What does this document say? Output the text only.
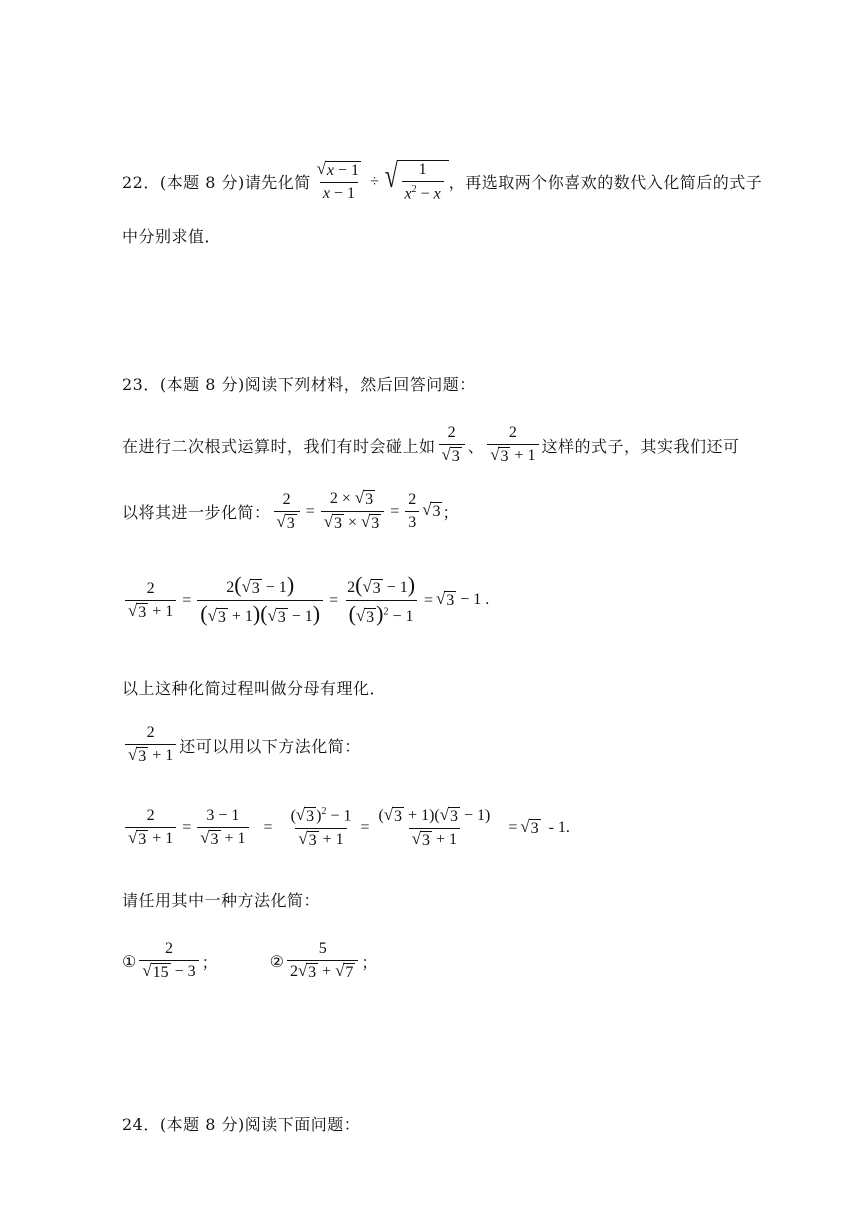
22．(本题 8 分)请先化简 $\frac{√ x - 1}{x - 1}$ ÷ √ $\frac{1}{x^2 - x}$ ，再选取两个你喜欢的数代入化简后的式子
中分别求值．
23．(本题 8 分)阅读下列材料，然后回答问题：
在进行二次根式运算时，我们有时会碰上如 $\frac{2}{√ 3}$ 、 $\frac{2}{√ 3 + 1}$ 这样的式子，其实我们还可
以将其进一步化简： $\frac{2}{√ 3} = \frac{2 \times √ 3}{√ 3 \times √ 3} = \frac{2}{3}$ √ 3 ；
$\frac{2}{√ 3 + 1} = \frac{2( √ 3 - 1)}{( √ 3 + 1)( √ 3 - 1)} = \frac{2( √ 3 - 1)}{( √ 3 )^2 - 1}$ = √ 3 − 1 .
以上这种化简过程叫做分母有理化．
$\frac{2}{√ 3 + 1}$ 还可以用以下方法化简：
$\frac{2}{√ 3 + 1} = \frac{3 - 1}{√ 3 + 1} = \frac{( √ 3 )^2 - 1}{√ 3 + 1} = \frac{( √ 3 + 1)( √ 3 - 1)}{√ 3 + 1}$ = √ 3 - 1.
请任用其中一种方法化简：
① $\frac{2}{√ 15 - 3}$ ；	② $\frac{5}{2 √ 3 + √ 7}$ ；
24．(本题 8 分)阅读下面问题：
